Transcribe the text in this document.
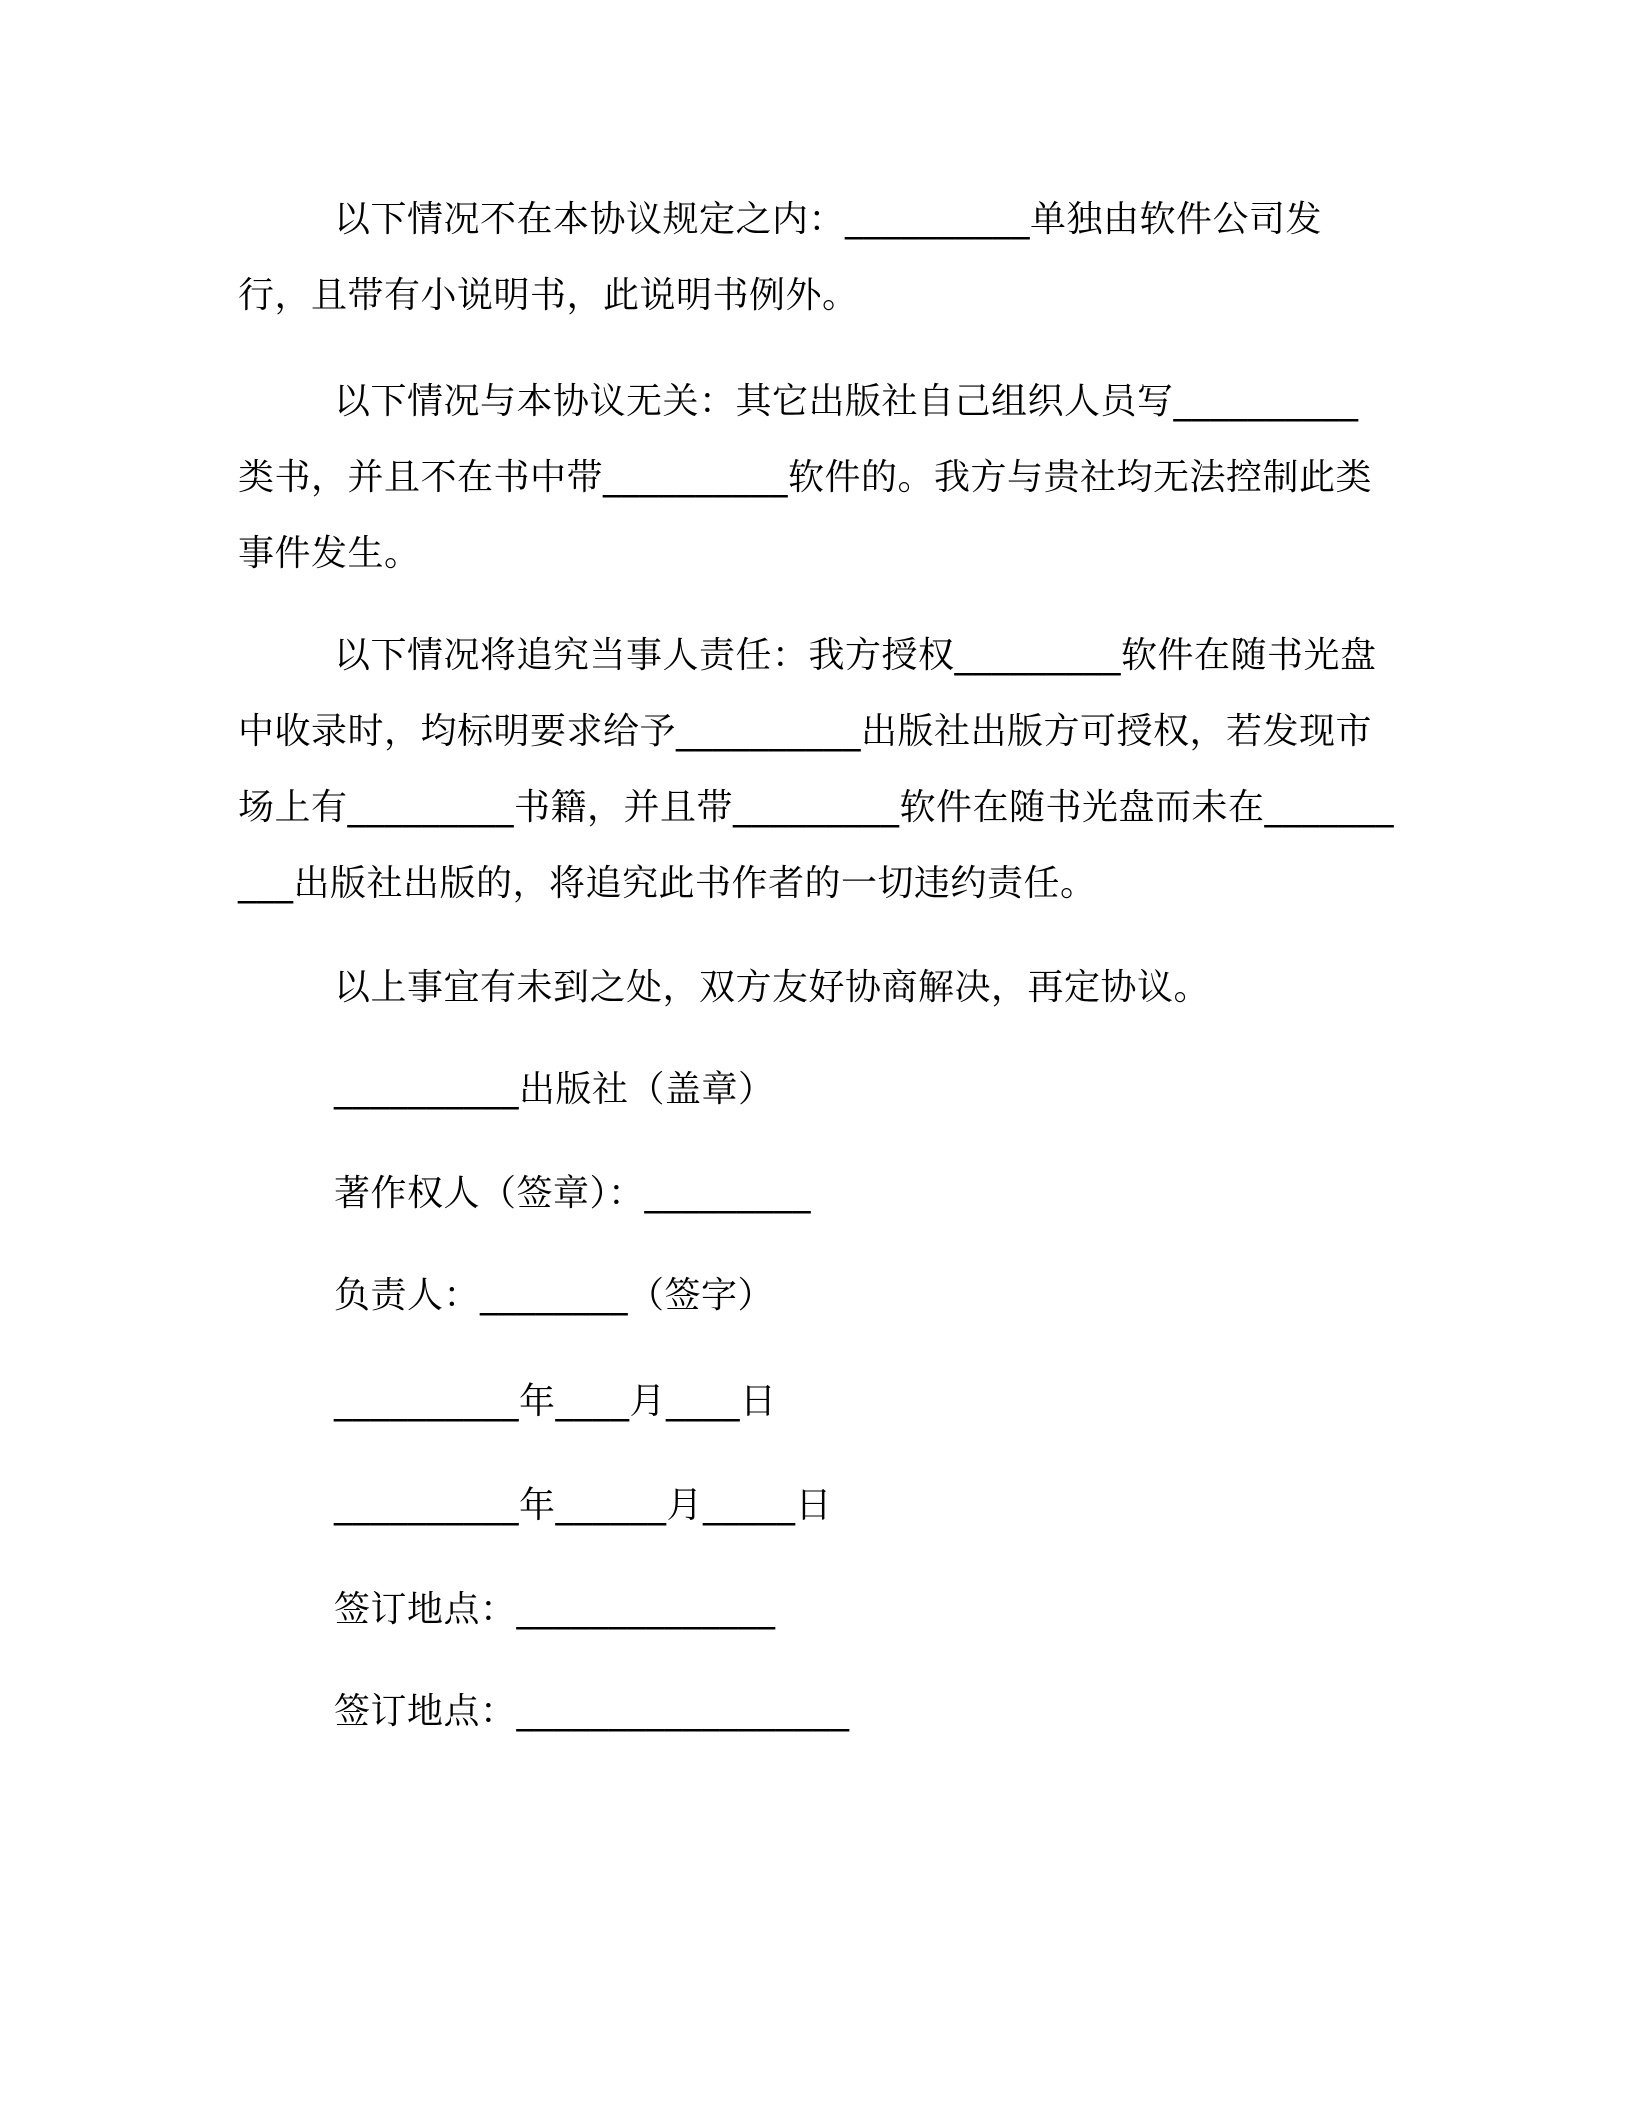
以下情况不在本协议规定之内：__________单独由软件公司发行，且带有小说明书，此说明书例外。

以下情况与本协议无关：其它出版社自己组织人员写__________类书，并且不在书中带__________软件的。我方与贵社均无法控制此类事件发生。

以下情况将追究当事人责任：我方授权_________软件在随书光盘中收录时，均标明要求给予__________出版社出版方可授权，若发现市场上有_________书籍，并且带_________软件在随书光盘而未在__________出版社出版的，将追究此书作者的一切违约责任。

以上事宜有未到之处，双方友好协商解决，再定协议。

__________出版社（盖章）

著作权人（签章）：_________

负责人：________（签字）

__________年____月____日

__________年______月_____日

签订地点：______________

签订地点：__________________
